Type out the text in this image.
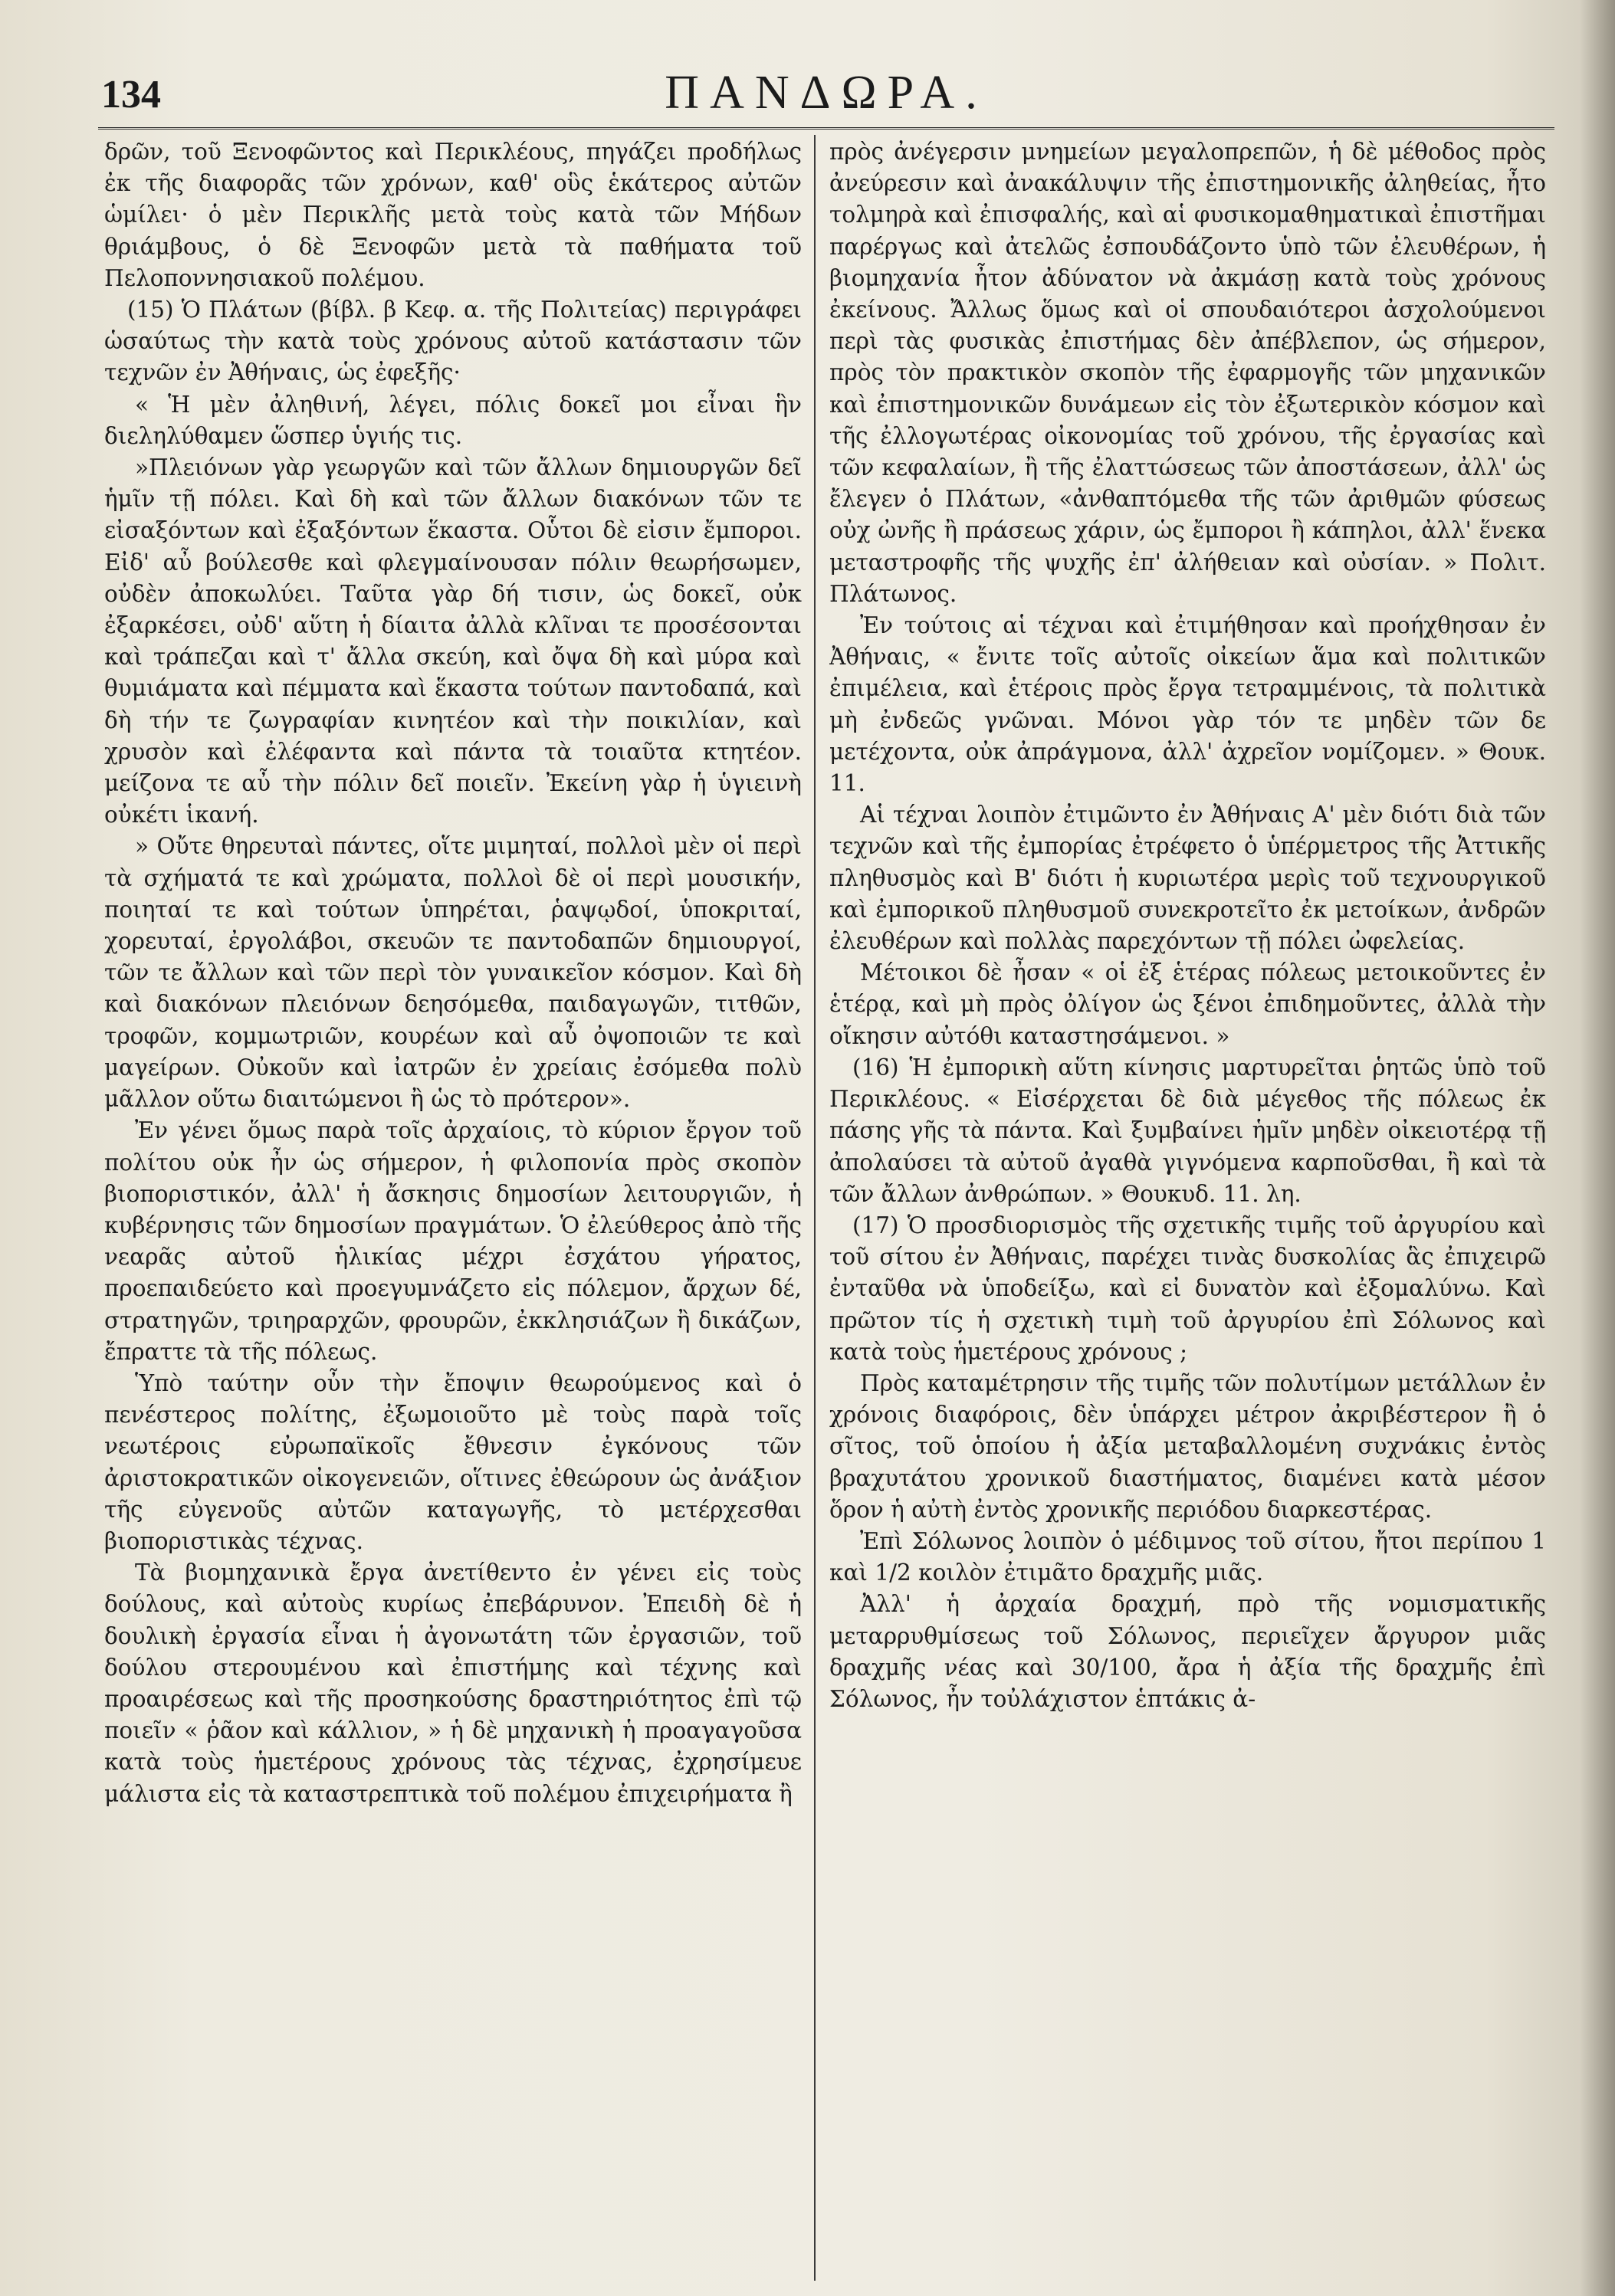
134	ΠΑΝΔΩΡΑ.

δρῶν, τοῦ Ξενοφῶντος καὶ Περικλέους, πηγάζει προδήλως ἐκ τῆς διαφορᾶς τῶν χρόνων, καθ' οὓς ἑκάτερος αὐτῶν ὡμίλει· ὁ μὲν Περικλῆς μετὰ τοὺς κατὰ τῶν Μήδων θριάμβους, ὁ δὲ Ξενοφῶν μετὰ τὰ παθήματα τοῦ Πελοποννησιακοῦ πολέμου.

(15) Ὁ Πλάτων (βίβλ. β Κεφ. α. τῆς Πολιτείας) περιγράφει ὡσαύτως τὴν κατὰ τοὺς χρόνους αὐτοῦ κατάστασιν τῶν τεχνῶν ἐν Ἀθήναις, ὡς ἐφεξῆς·

« Ἡ μὲν ἀληθινή, λέγει, πόλις δοκεῖ μοι εἶναι ἣν διεληλύθαμεν ὥσπερ ὑγιής τις.

»Πλειόνων γὰρ γεωργῶν καὶ τῶν ἄλλων δημιουργῶν δεῖ ἡμῖν τῇ πόλει. Καὶ δὴ καὶ τῶν ἄλλων διακόνων τῶν τε εἰσαξόντων καὶ ἐξαξόντων ἕκαστα. Οὗτοι δὲ εἰσιν ἔμποροι. Εἰδ' αὖ βούλεσθε καὶ φλεγμαίνουσαν πόλιν θεωρήσωμεν, οὐδὲν ἀποκωλύει. Ταῦτα γὰρ δή τισιν, ὡς δοκεῖ, οὐκ ἐξαρκέσει, οὐδ' αὕτη ἡ δίαιτα ἀλλὰ κλῖναι τε προσέσονται καὶ τράπεζαι καὶ τ' ἄλλα σκεύη, καὶ ὄψα δὴ καὶ μύρα καὶ θυμιάματα καὶ πέμματα καὶ ἕκαστα τούτων παντοδαπά, καὶ δὴ τήν τε ζωγραφίαν κινητέον καὶ τὴν ποικιλίαν, καὶ χρυσὸν καὶ ἐλέφαντα καὶ πάντα τὰ τοιαῦτα κτητέον. μείζονα τε αὖ τὴν πόλιν δεῖ ποιεῖν. Ἐκείνη γὰρ ἡ ὑγιεινὴ οὐκέτι ἱκανή.

» Οὔτε θηρευταὶ πάντες, οἵτε μιμηταί, πολλοὶ μὲν οἱ περὶ τὰ σχήματά τε καὶ χρώματα, πολλοὶ δὲ οἱ περὶ μουσικήν, ποιηταί τε καὶ τούτων ὑπηρέται, ῥαψῳδοί, ὑποκριταί, χορευταί, ἐργολάβοι, σκευῶν τε παντοδαπῶν δημιουργοί, τῶν τε ἄλλων καὶ τῶν περὶ τὸν γυναικεῖον κόσμον. Καὶ δὴ καὶ διακόνων πλειόνων δεησόμεθα, παιδαγωγῶν, τιτθῶν, τροφῶν, κομμωτριῶν, κουρέων καὶ αὖ ὀψοποιῶν τε καὶ μαγείρων. Οὐκοῦν καὶ ἰατρῶν ἐν χρείαις ἐσόμεθα πολὺ μᾶλλον οὕτω διαιτώμενοι ἢ ὡς τὸ πρότερον».

Ἐν γένει ὅμως παρὰ τοῖς ἀρχαίοις, τὸ κύριον ἔργον τοῦ πολίτου οὐκ ἦν ὡς σήμερον, ἡ φιλοπονία πρὸς σκοπὸν βιοποριστικόν, ἀλλ' ἡ ἄσκησις δημοσίων λειτουργιῶν, ἡ κυβέρνησις τῶν δημοσίων πραγμάτων. Ὁ ἐλεύθερος ἀπὸ τῆς νεαρᾶς αὐτοῦ ἡλικίας μέχρι ἐσχάτου γήρατος, προεπαιδεύετο καὶ προεγυμνάζετο εἰς πόλεμον, ἄρχων δέ, στρατηγῶν, τριηραρχῶν, φρουρῶν, ἐκκλησιάζων ἢ δικάζων, ἔπραττε τὰ τῆς πόλεως.

Ὑπὸ ταύτην οὖν τὴν ἔποψιν θεωρούμενος καὶ ὁ πενέστερος πολίτης, ἐξωμοιοῦτο μὲ τοὺς παρὰ τοῖς νεωτέροις εὐρωπαϊκοῖς ἔθνεσιν ἐγκόνους τῶν ἀριστοκρατικῶν οἰκογενειῶν, οἵτινες ἐθεώρουν ὡς ἀνάξιον τῆς εὐγενοῦς αὐτῶν καταγωγῆς, τὸ μετέρχεσθαι βιοποριστικὰς τέχνας.

Τὰ βιομηχανικὰ ἔργα ἀνετίθεντο ἐν γένει εἰς τοὺς δούλους, καὶ αὐτοὺς κυρίως ἐπεβάρυνον. Ἐπειδὴ δὲ ἡ δουλικὴ ἐργασία εἶναι ἡ ἀγονωτάτη τῶν ἐργασιῶν, τοῦ δούλου στερουμένου καὶ ἐπιστήμης καὶ τέχνης καὶ προαιρέσεως καὶ τῆς προσηκούσης δραστηριότητος ἐπὶ τῷ ποιεῖν « ῥᾶον καὶ κάλλιον, » ἡ δὲ μηχανικὴ ἡ προαγαγοῦσα κατὰ τοὺς ἡμετέρους χρόνους τὰς τέχνας, ἐχρησίμευε μάλιστα εἰς τὰ καταστρεπτικὰ τοῦ πολέμου ἐπιχειρήματα ἢ

πρὸς ἀνέγερσιν μνημείων μεγαλοπρεπῶν, ἡ δὲ μέθοδος πρὸς ἀνεύρεσιν καὶ ἀνακάλυψιν τῆς ἐπιστημονικῆς ἀληθείας, ἦτο τολμηρὰ καὶ ἐπισφαλής, καὶ αἱ φυσικομαθηματικαὶ ἐπιστῆμαι παρέργως καὶ ἀτελῶς ἐσπουδάζοντο ὑπὸ τῶν ἐλευθέρων, ἡ βιομηχανία ἦτον ἀδύνατον νὰ ἀκμάσῃ κατὰ τοὺς χρόνους ἐκείνους. Ἄλλως ὅμως καὶ οἱ σπουδαιότεροι ἀσχολούμενοι περὶ τὰς φυσικὰς ἐπιστήμας δὲν ἀπέβλεπον, ὡς σήμερον, πρὸς τὸν πρακτικὸν σκοπὸν τῆς ἐφαρμογῆς τῶν μηχανικῶν καὶ ἐπιστημονικῶν δυνάμεων εἰς τὸν ἐξωτερικὸν κόσμον καὶ τῆς ἐλλογωτέρας οἰκονομίας τοῦ χρόνου, τῆς ἐργασίας καὶ τῶν κεφαλαίων, ἢ τῆς ἐλαττώσεως τῶν ἀποστάσεων, ἀλλ' ὡς ἔλεγεν ὁ Πλάτων, «ἀνθαπτόμεθα τῆς τῶν ἀριθμῶν φύσεως οὐχ ὠνῆς ἢ πράσεως χάριν, ὡς ἔμποροι ἢ κάπηλοι, ἀλλ' ἕνεκα μεταστροφῆς τῆς ψυχῆς ἐπ' ἀλήθειαν καὶ οὐσίαν. » Πολιτ. Πλάτωνος.

Ἐν τούτοις αἱ τέχναι καὶ ἐτιμήθησαν καὶ προήχθησαν ἐν Ἀθήναις, « ἔνιτε τοῖς αὐτοῖς οἰκείων ἅμα καὶ πολιτικῶν ἐπιμέλεια, καὶ ἑτέροις πρὸς ἔργα τετραμμένοις, τὰ πολιτικὰ μὴ ἐνδεῶς γνῶναι. Μόνοι γὰρ τόν τε μηδὲν τῶν δε μετέχοντα, οὐκ ἀπράγμονα, ἀλλ' ἀχρεῖον νομίζομεν. » Θουκ. 11.

Αἱ τέχναι λοιπὸν ἐτιμῶντο ἐν Ἀθήναις Α' μὲν διότι διὰ τῶν τεχνῶν καὶ τῆς ἐμπορίας ἐτρέφετο ὁ ὑπέρμετρος τῆς Ἀττικῆς πληθυσμὸς καὶ Β' διότι ἡ κυριωτέρα μερὶς τοῦ τεχνουργικοῦ καὶ ἐμπορικοῦ πληθυσμοῦ συνεκροτεῖτο ἐκ μετοίκων, ἀνδρῶν ἐλευθέρων καὶ πολλὰς παρεχόντων τῇ πόλει ὠφελείας.

Μέτοικοι δὲ ἦσαν « οἱ ἐξ ἑτέρας πόλεως μετοικοῦντες ἐν ἑτέρᾳ, καὶ μὴ πρὸς ὀλίγον ὡς ξένοι ἐπιδημοῦντες, ἀλλὰ τὴν οἴκησιν αὐτόθι καταστησάμενοι. »

(16) Ἡ ἐμπορικὴ αὕτη κίνησις μαρτυρεῖται ῥητῶς ὑπὸ τοῦ Περικλέους. « Εἰσέρχεται δὲ διὰ μέγεθος τῆς πόλεως ἐκ πάσης γῆς τὰ πάντα. Καὶ ξυμβαίνει ἡμῖν μηδὲν οἰκειοτέρᾳ τῇ ἀπολαύσει τὰ αὐτοῦ ἀγαθὰ γιγνόμενα καρποῦσθαι, ἢ καὶ τὰ τῶν ἄλλων ἀνθρώπων. » Θουκυδ. 11. λη.

(17) Ὁ προσδιορισμὸς τῆς σχετικῆς τιμῆς τοῦ ἀργυρίου καὶ τοῦ σίτου ἐν Ἀθήναις, παρέχει τινὰς δυσκολίας ἃς ἐπιχειρῶ ἐνταῦθα νὰ ὑποδείξω, καὶ εἰ δυνατὸν καὶ ἐξομαλύνω. Καὶ πρῶτον τίς ἡ σχετικὴ τιμὴ τοῦ ἀργυρίου ἐπὶ Σόλωνος καὶ κατὰ τοὺς ἡμετέρους χρόνους ;

Πρὸς καταμέτρησιν τῆς τιμῆς τῶν πολυτίμων μετάλλων ἐν χρόνοις διαφόροις, δὲν ὑπάρχει μέτρον ἀκριβέστερον ἢ ὁ σῖτος, τοῦ ὁποίου ἡ ἀξία μεταβαλλομένη συχνάκις ἐντὸς βραχυτάτου χρονικοῦ διαστήματος, διαμένει κατὰ μέσον ὅρον ἡ αὐτὴ ἐντὸς χρονικῆς περιόδου διαρκεστέρας.

Ἐπὶ Σόλωνος λοιπὸν ὁ μέδιμνος τοῦ σίτου, ἤτοι περίπου 1 καὶ 1/2 κοιλὸν ἐτιμᾶτο δραχμῆς μιᾶς.

Ἀλλ' ἡ ἀρχαία δραχμή, πρὸ τῆς νομισματικῆς μεταρρυθμίσεως τοῦ Σόλωνος, περιεῖχεν ἄργυρον μιᾶς δραχμῆς νέας καὶ 30/100, ἄρα ἡ ἀξία τῆς δραχμῆς ἐπὶ Σόλωνος, ἦν τοὐλάχιστον ἑπτάκις ἀ-
